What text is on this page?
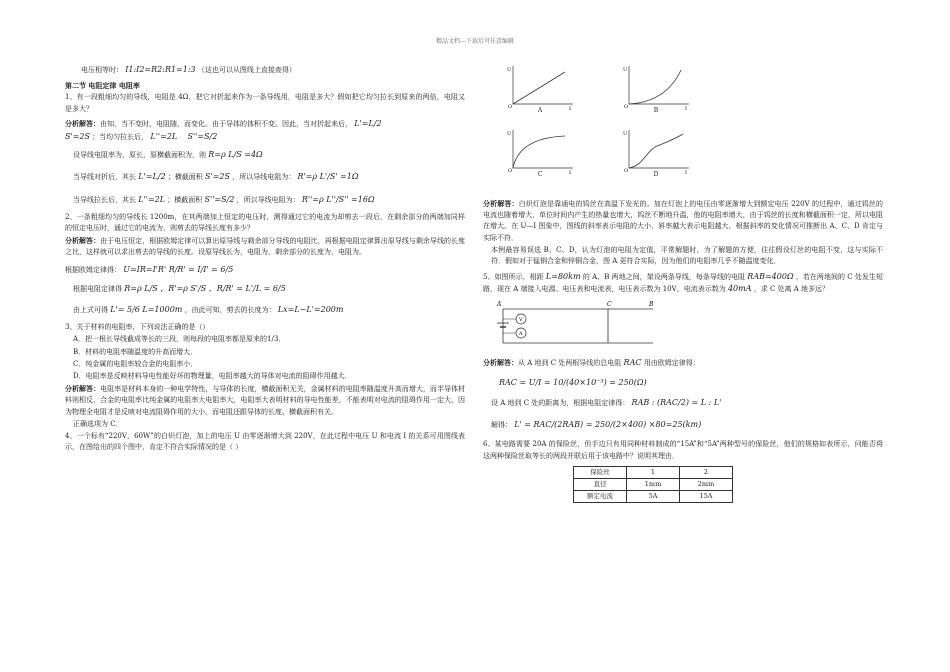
精品文档---下载后可任意编辑
电压相等时： I1:I2=R2:R1=1:3 （这也可以从图线上直接查得）
第二节 电阻定律 电阻率
1、有一段粗细均匀的导线，电阻是 4Ω，把它对折起来作为一条导线用，电阻是多大？假如把它均匀拉长到原来的两倍，电阻又是多大？
分析解答：由知，当不变时，电阻随、而变化。由于导体的体积不变。因此，当对折起来后， L'=L/2
S'=2S ；当均匀拉长后， L''=2L S''=S/2
设导线电阻率为，原长，原横截面积为，则 R=ρ L/S =4Ω
当导线对折后，其长 L'=L/2 ；横截面积 S'=2S ，所以导线电阻为： R'=ρ L'/S' =1Ω
当导线拉长后，其长 L''=2L ；横截面积 S''=S/2 ，所以导线电阻为： R''=ρ L''/S'' =16Ω
2、一条粗细均匀的导线长 1200m，在其两端加上恒定的电压时，测得通过它的电流为却剪去一段后，在剩余部分的两端加同样的恒定电压时，通过它的电流为，则剪去的导线长度有多少？
分析解答：由于电压恒定，根据欧姆定律可以算出原导线与剩余部分导线的电阻比，再根据电阻定律算出原导线与剩余导线的长度之比，这样就可以求出剪去的导线的长度。设原导线长为，电阻为，剩余部分的长度为，电阻为。
根据欧姆定律得： U=IR=I'R' R/R' = I/I' = 6/5
根据电阻定律得 R=ρ L/S ，R'=ρ S'/S ，R/R' = L'/L = 6/5
由上式可得 L'= 5/6 L=1000m ，由此可知，剪去的长度为： Lx=L−L'=200m
3、关于材料的电阻率，下列说法正确的是（）
A．把一根长导线截成等长的三段，则每段的电阻率都是原来的1/3．
B．材料的电阻率随温度的升高而增大．
C．纯金属的电阻率较合金的电阻率小．
D．电阻率是反映材料导电性能好坏的物理量，电阻率越大的导体对电流的阻碍作用越大．
分析解答：电阻率是材料本身的一种电学特性，与导体的长度，横截面积无关，金属材料的电阻率随温度升高而增大，而半导体材料则相反，合金的电阻率比纯金属的电阻率大电阻率大，电阻率大表明材料的导电性能差，不能表明对电流的阻碍作用一定大，因为物理全电阻才是反映对电流阻碍作用的大小，而电阻还跟导体的长度、横截面积有关。
正确选项为 C．
4、一个标有“220V，60W”的白炽灯泡，加上的电压 U 由零逐渐增大到 220V，在此过程中电压 U 和电流 I 的关系可用图线表示，在图给出的四个图中，肯定不符合实际情况的是（ ）
U
I
O	A
U
I
O	B
U
I
O	C
U
I
O	D
分析解答：白炽灯泡是靠通电的钨丝在高温下发光的。加在灯泡上的电压由零逐渐增大到额定电压 220V 的过程中，通过钨丝的电流也随着增大，单位时间内产生的热量也增大，钨丝不断地升温，他的电阻率增大，由于钨丝的长度和横截面积一定，所以电阻在增大。在 U—I 图象中，图线的斜率表示电阻的大小，斜率越大表示电阻越大，根据斜率的变化情况可推断出 A、C、D 肯定与实际不符．
本例最容易误选 B、C、D，认为灯泡的电阻为定值，平常解题时，为了解题的方便，往往假设灯丝的电阻不变，这与实际不符．假如对于锰铜合金和锌铜合金，图 A 更符合实际，因为他们的电阻率几乎不随温度变化．
5、如图所示，相距 L=80km 的 A、B 两地之间，架设两条导线，每条导线的电阻 RAB=400Ω ，若在两地间的 C 处发生短路，现在 A 端接入电源、电压表和电流表，电压表示数为 10V，电流表示数为 40mA ，求 C 处离 A 地多远？
V
A
A	C	B
分析解答：从 A 地到 C 处两根导线的总电阻 RAC 用由欧姆定律得：
RAC = U/I = 10/(40×10⁻³) = 250(Ω)
设 A 地到 C 处的距离为，根据电阻定律得： RAB : (RAC/2) = L : L'
解得： L' = RAC/(2RAB) = 250/(2×400) ×80=25(km)
6、某电路需要 20A 的保险丝，但手边只有用同种材料制成的“15A”和“5A”两种型号的保险丝，他们的规格如表所示，问能否将这两种保险丝取等长的两段并联后用于该电路中？说明其理由．
保险丝	1	2
直径	1mm	2mm
额定电流	5A	15A
